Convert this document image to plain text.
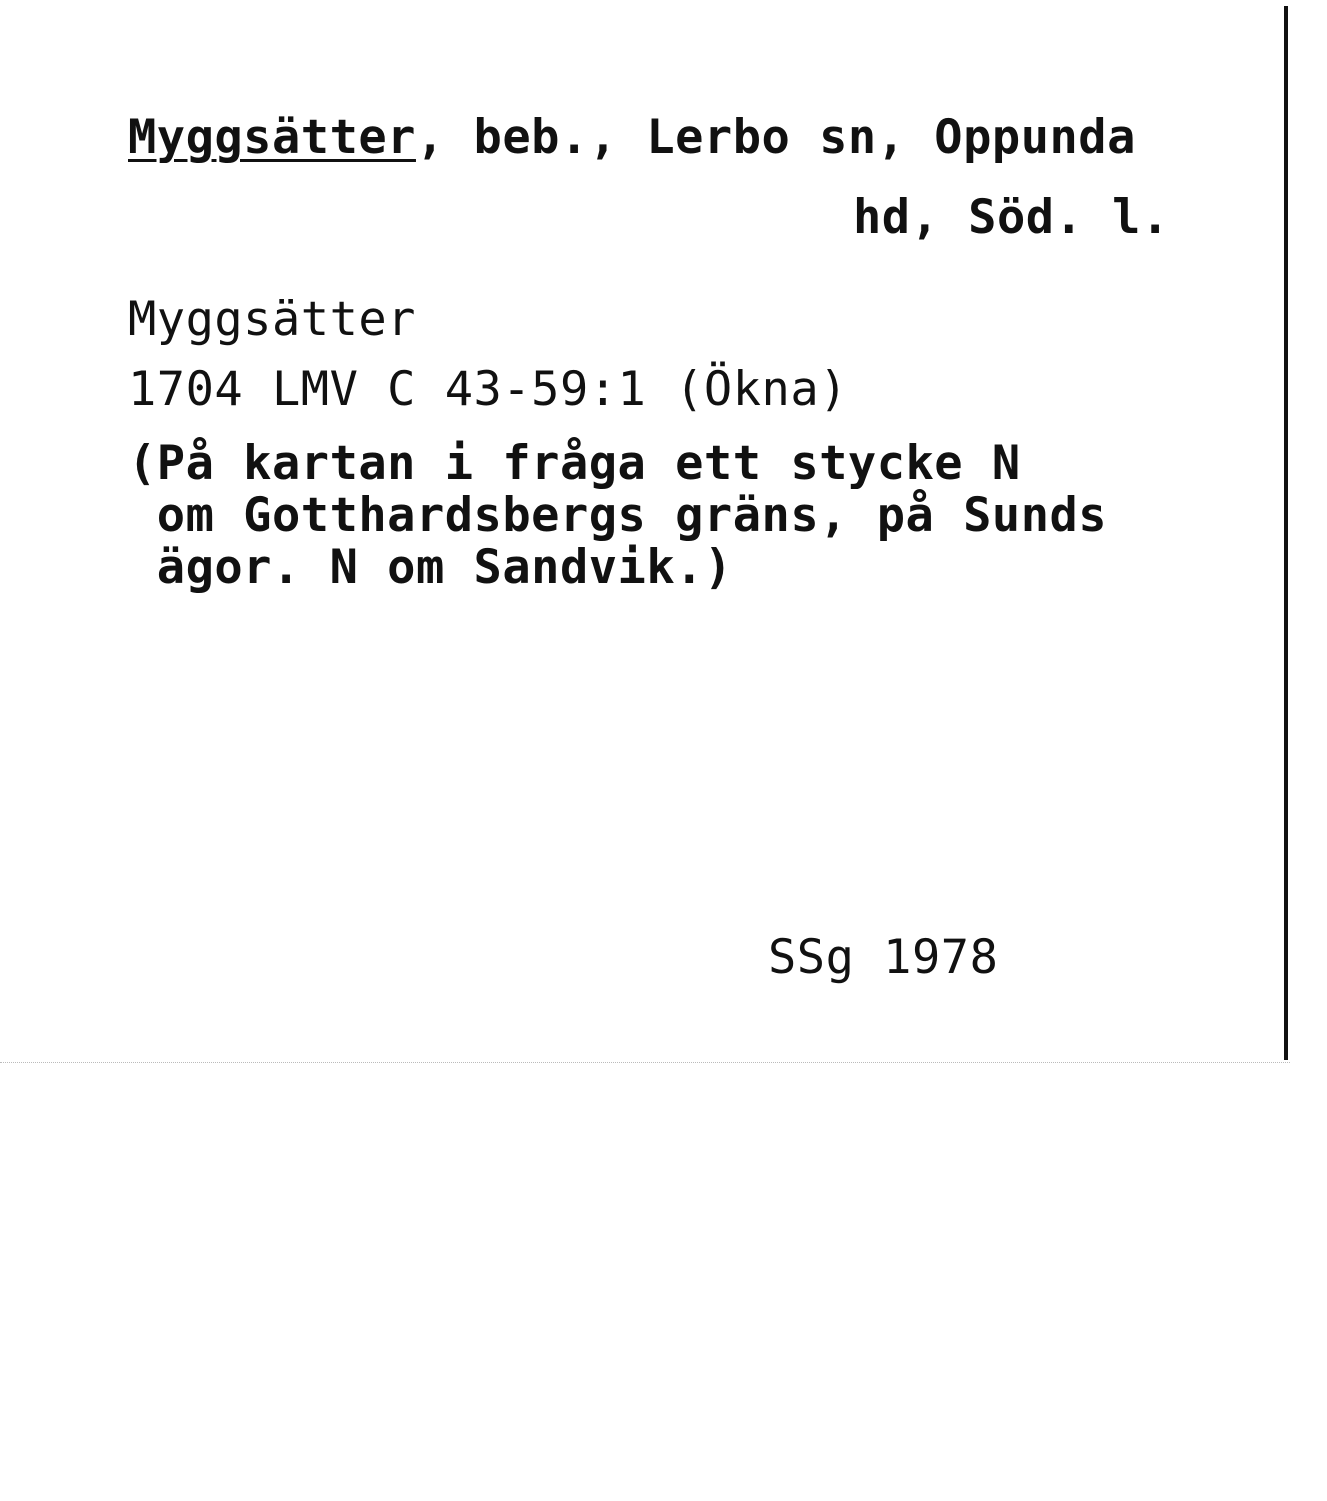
Myggsätter, beb., Lerbo sn, Oppunda
hd, Söd. l.
Myggsätter
1704 LMV C 43-59:1 (Ökna)
(På kartan i fråga ett stycke N
om Gotthardsbergs gräns, på Sunds
ägor. N om Sandvik.)
SSg 1978
